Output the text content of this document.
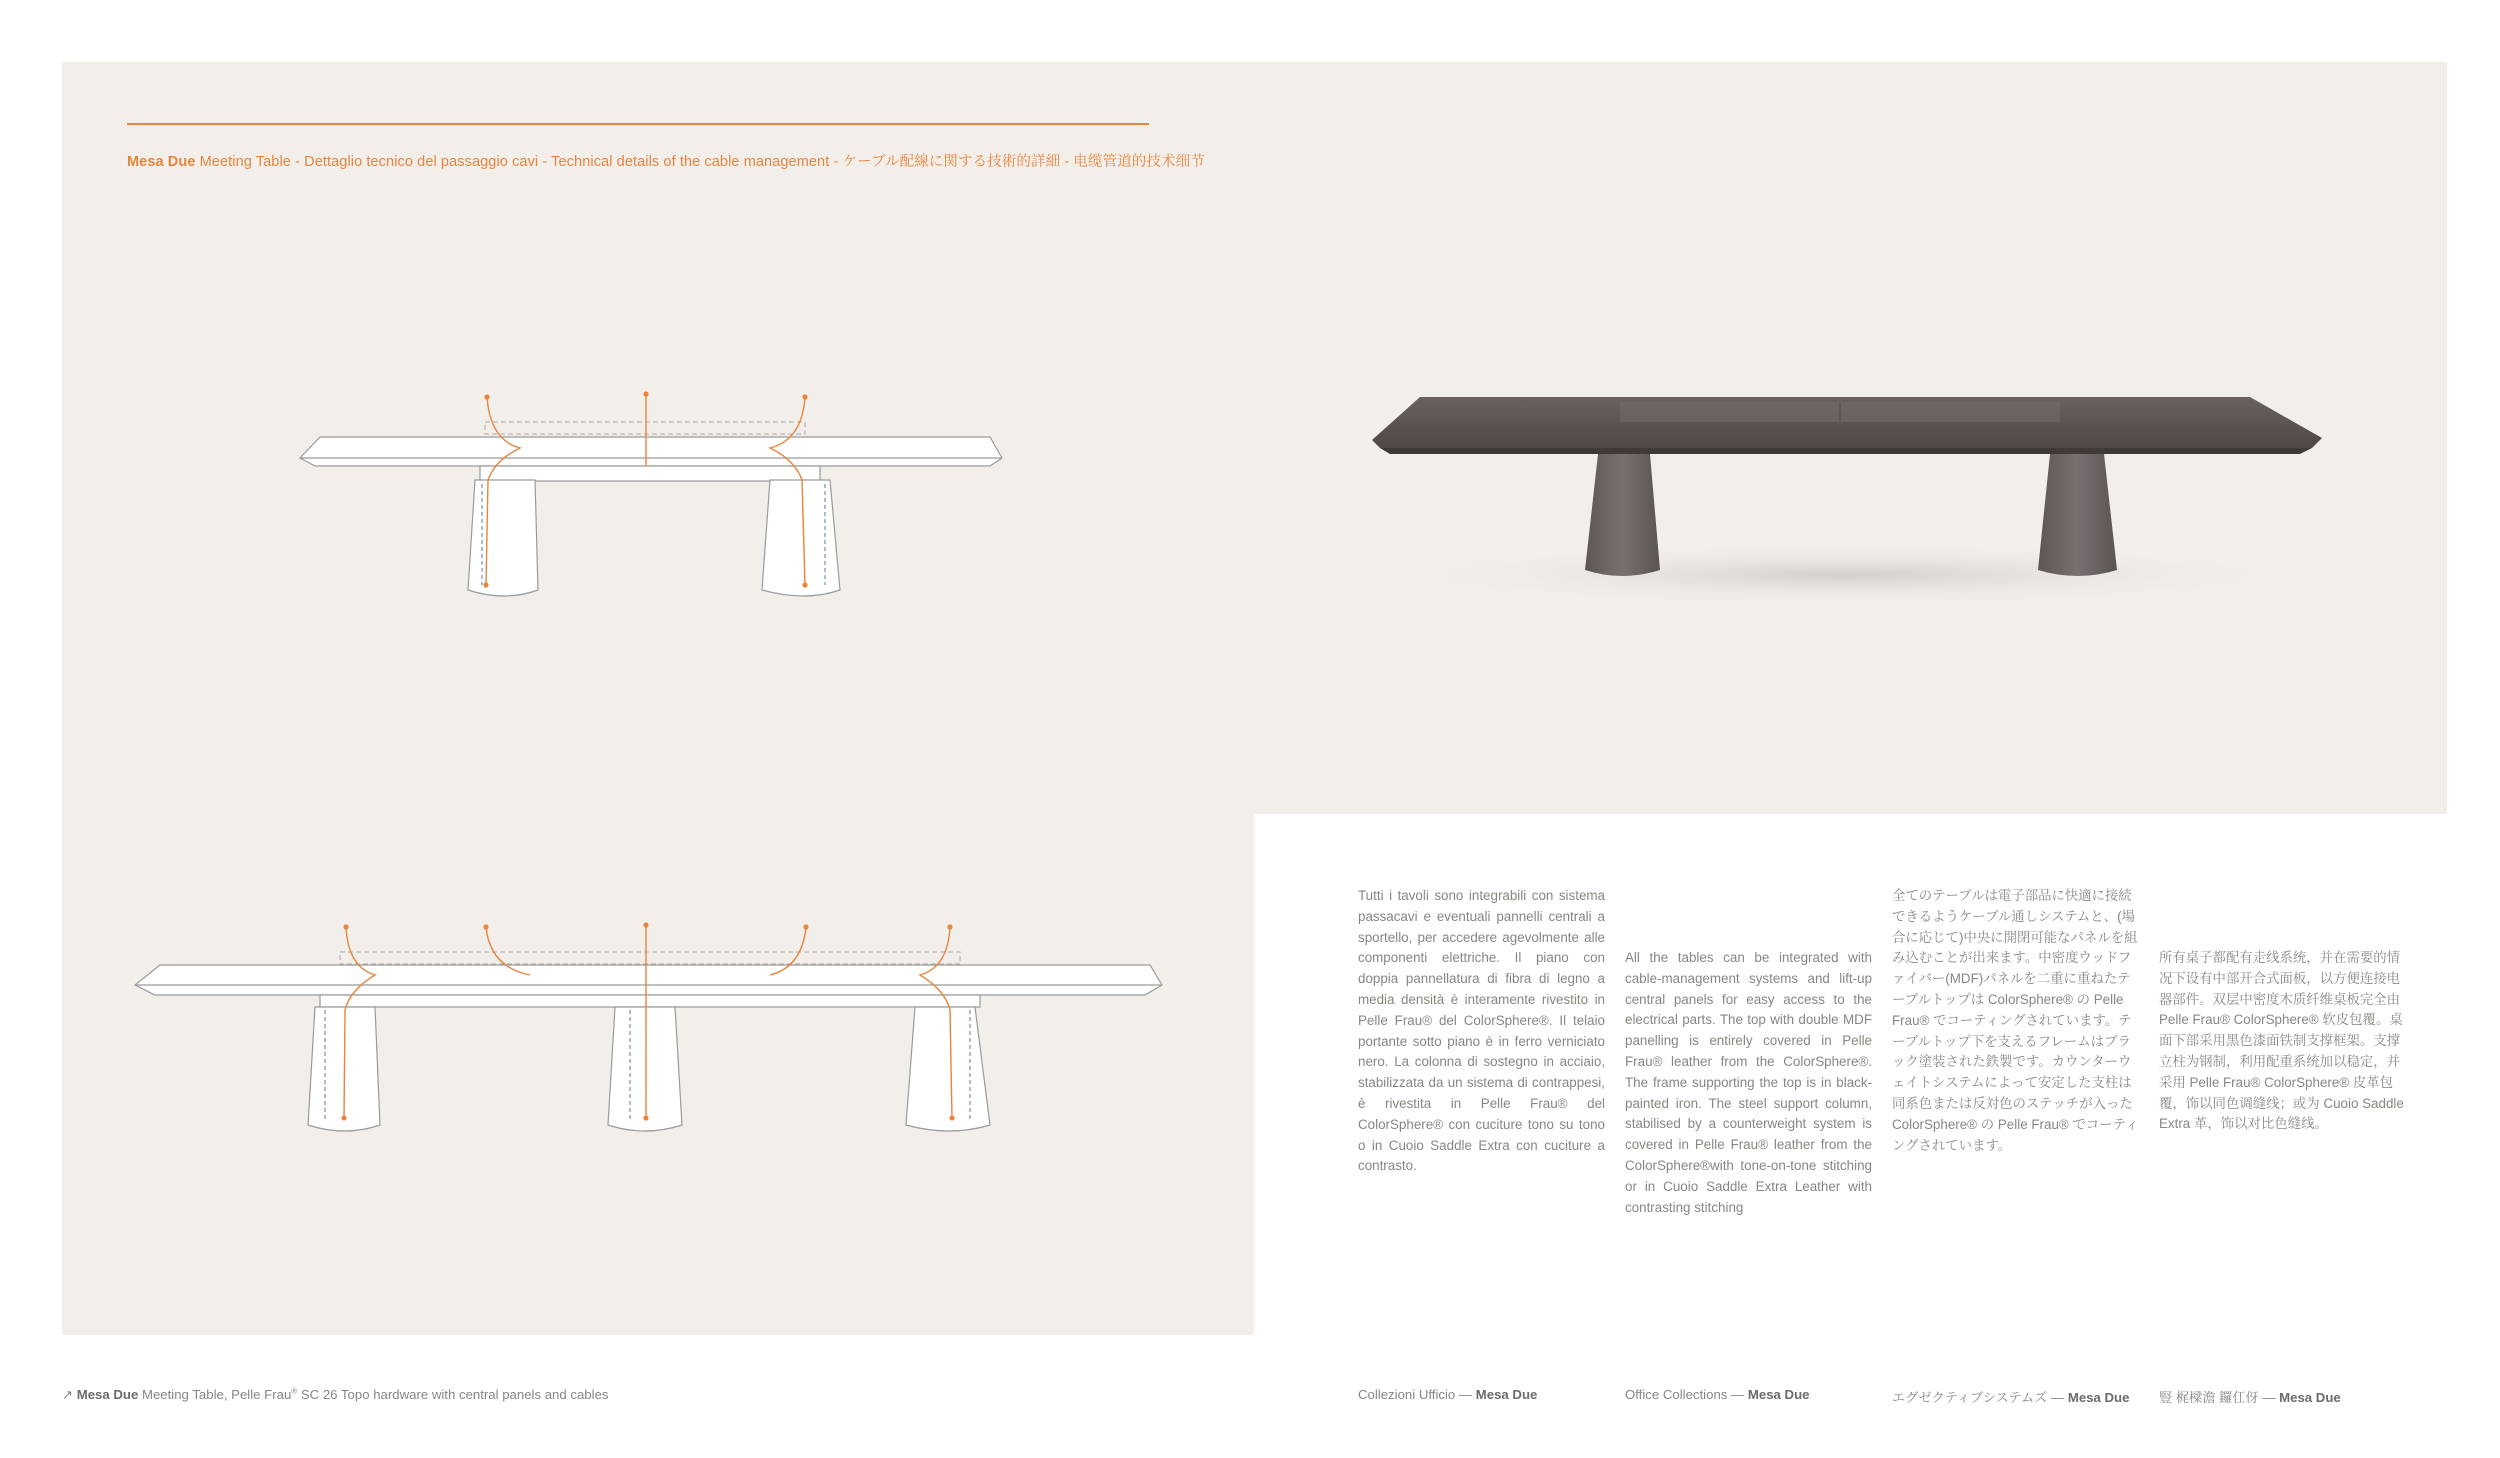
Mesa Due Meeting Table - Dettaglio tecnico del passaggio cavi - Technical details of the cable management - ケーブル配線に関する技術的詳細 - 电缆管道的技术细节
Tutti i tavoli sono integrabili con sistema passacavi e eventuali pannelli centrali a sportello, per accedere agevolmente alle componenti elettriche. Il piano con doppia pannellatura di fibra di legno a media densità è interamente rivestito in Pelle Frau® del ColorSphere®. Il telaio portante sotto piano è in ferro verniciato nero. La colonna di sostegno in acciaio, stabilizzata da un sistema di contrappesi, è rivestita in Pelle Frau® del ColorSphere® con cuciture tono su tono o in Cuoio Saddle Extra con cuciture a contrasto.
All the tables can be integrated with cable-management systems and lift-up central panels for easy access to the electrical parts. The top with double MDF panelling is entirely covered in Pelle Frau® leather from the ColorSphere®. The frame supporting the top is in black-painted iron. The steel support column, stabilised by a counterweight system is covered in Pelle Frau® leather from the ColorSphere®with tone-on-tone stitching or in Cuoio Saddle Extra Leather with contrasting stitching
全てのテーブルは電子部品に快適に接続できるようケーブル通しシステムと、(場合に応じて)中央に開閉可能なパネルを組み込むことが出来ます。中密度ウッドファイバー(MDF)パネルを二重に重ねたテーブルトップは ColorSphere® の Pelle Frau® でコーティングされています。テーブルトップ下を支えるフレームはブラック塗装された鉄製です。カウンターウェイトシステムによって安定した支柱は同系色または反対色のステッチが入った ColorSphere® の Pelle Frau® でコーティングされています。
所有桌子都配有走线系统，并在需要的情况下设有中部开合式面板，以方便连接电器部件。双层中密度木质纤维桌板完全由 Pelle Frau® ColorSphere® 软皮包覆。桌面下部采用黑色漆面铁制支撑框架。支撑立柱为钢制，利用配重系统加以稳定，并采用 Pelle Frau® ColorSphere® 皮革包覆，饰以同色调缝线；或为 Cuoio Saddle Extra 革，饰以对比色缝线。
↗ Mesa Due Meeting Table, Pelle Frau® SC 26 Topo hardware with central panels and cables	Collezioni Ufficio — Mesa Due	Office Collections — Mesa Due	エグゼクティブシステムズ — Mesa Due 豎 梶樑澹 鑼仜伢 — Mesa Due
